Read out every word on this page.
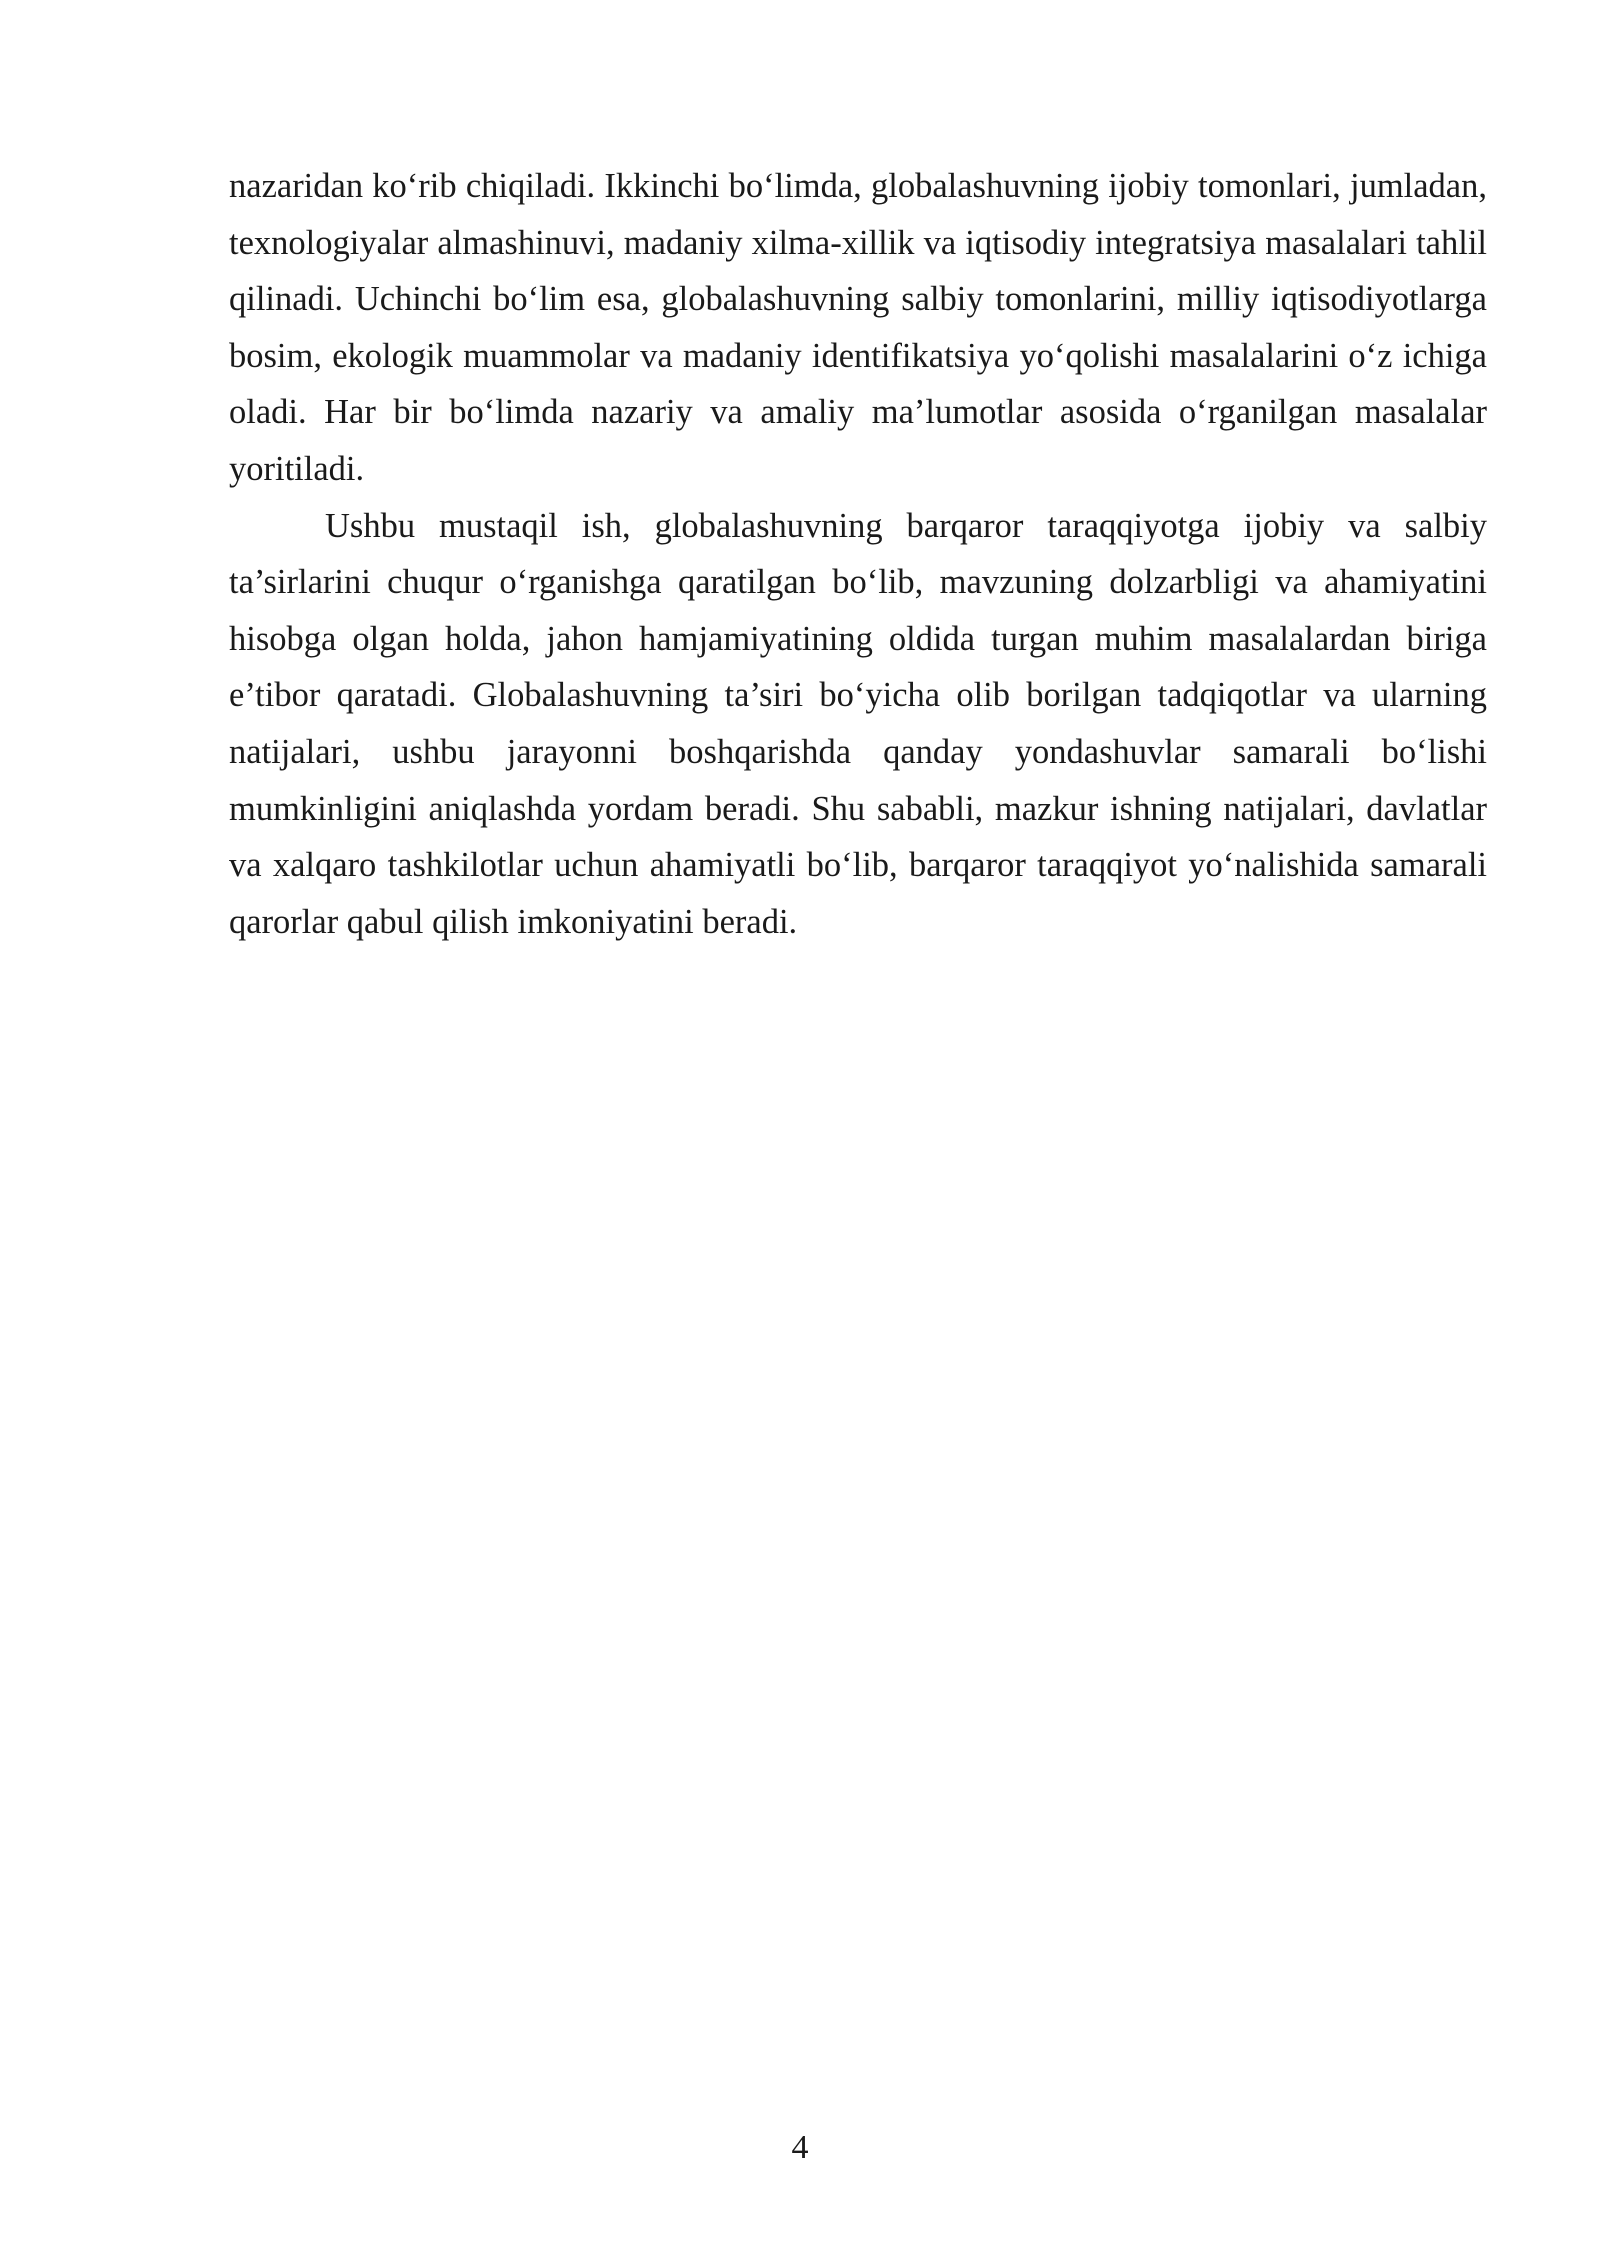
nazaridan ko‘rib chiqiladi. Ikkinchi bo‘limda, globalashuvning ijobiy tomonlari, jumladan, texnologiyalar almashinuvi, madaniy xilma-xillik va iqtisodiy integratsiya masalalari tahlil qilinadi. Uchinchi bo‘lim esa, globalashuvning salbiy tomonlarini, milliy iqtisodiyotlarga bosim, ekologik muammolar va madaniy identifikatsiya yo‘qolishi masalalarini o‘z ichiga oladi. Har bir bo‘limda nazariy va amaliy ma’lumotlar asosida o‘rganilgan masalalar yoritiladi.

Ushbu mustaqil ish, globalashuvning barqaror taraqqiyotga ijobiy va salbiy ta’sirlarini chuqur o‘rganishga qaratilgan bo‘lib, mavzuning dolzarbligi va ahamiyatini hisobga olgan holda, jahon hamjamiyatining oldida turgan muhim masalalardan biriga e’tibor qaratadi. Globalashuvning ta’siri bo‘yicha olib borilgan tadqiqotlar va ularning natijalari, ushbu jarayonni boshqarishda qanday yondashuvlar samarali bo‘lishi mumkinligini aniqlashda yordam beradi. Shu sababli, mazkur ishning natijalari, davlatlar va xalqaro tashkilotlar uchun ahamiyatli bo‘lib, barqaror taraqqiyot yo‘nalishida samarali qarorlar qabul qilish imkoniyatini beradi.

4
